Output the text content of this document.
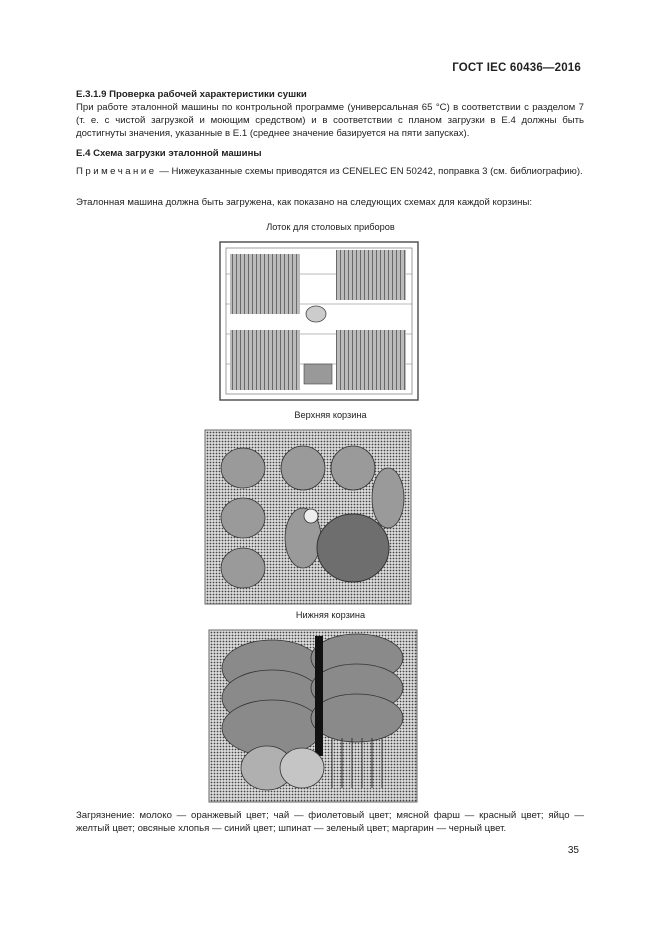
ГОСТ IEC 60436—2016
Е.3.1.9 Проверка рабочей характеристики сушки
При работе эталонной машины по контрольной программе (универсальная 65 °С) в соответствии с разделом 7 (т. е. с чистой загрузкой и моющим средством) и в соответствии с планом загрузки в Е.4 должны быть достигнуты значения, указанные в Е.1 (среднее значение базируется на пяти запусках).
Е.4 Схема загрузки эталонной машины
Примечание — Нижеуказанные схемы приводятся из CENELEC EN 50242, поправка 3 (см. библиографию).
Эталонная машина должна быть загружена, как показано на следующих схемах для каждой корзины:
Лоток для столовых приборов
Верхняя корзина
Нижняя корзина
Загрязнение: молоко — оранжевый цвет; чай — фиолетовый цвет; мясной фарш — красный цвет; яйцо — желтый цвет; овсяные хлопья — синий цвет; шпинат — зеленый цвет; маргарин — черный цвет.
35
